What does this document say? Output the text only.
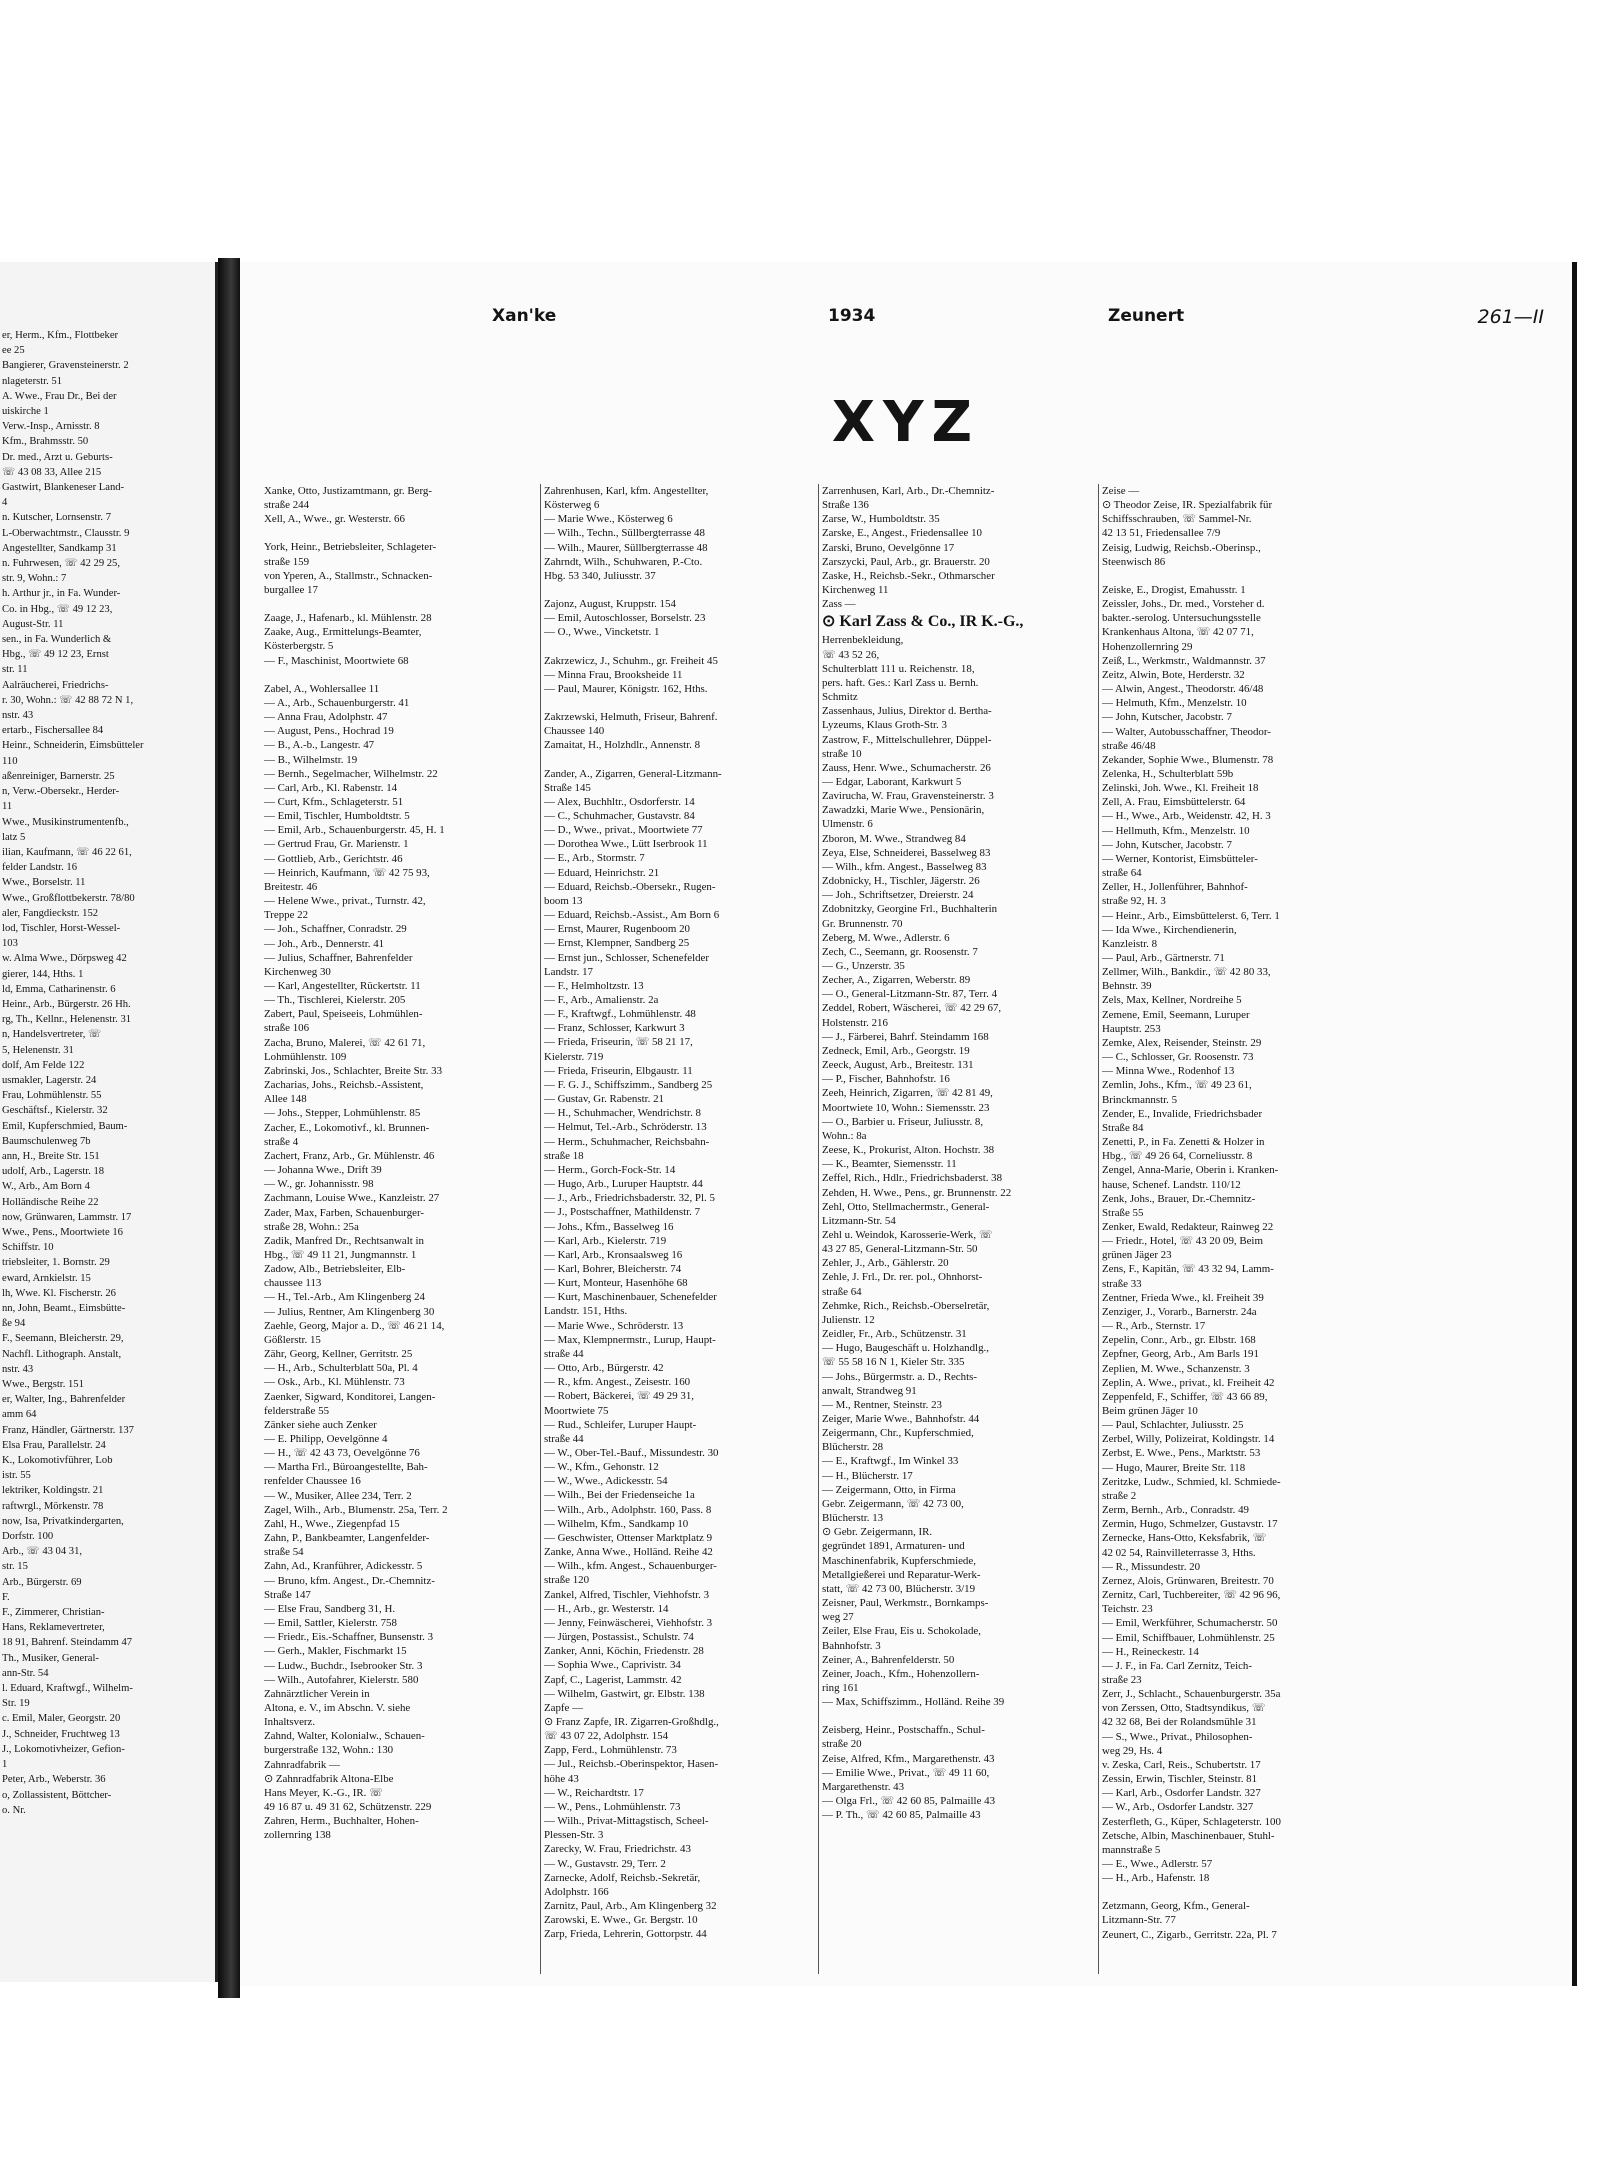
er, Herm., Kfm., Flottbeker
ee 25
Bangierer, Gravensteinerstr. 2
nlageterstr. 51
A. Wwe., Frau Dr., Bei der
uiskirche 1
Verw.-Insp., Arnisstr. 8
Kfm., Brahmsstr. 50
Dr. med., Arzt u. Geburts-
☏ 43 08 33, Allee 215
Gastwirt, Blankeneser Land-
4
n. Kutscher, Lornsenstr. 7
L-Oberwachtmstr., Clausstr. 9
Angestellter, Sandkamp 31
n. Fuhrwesen, ☏ 42 29 25,
str. 9, Wohn.: 7
h. Arthur jr., in Fa. Wunder-
Co. in Hbg., ☏ 49 12 23,
August-Str. 11
sen., in Fa. Wunderlich &
Hbg., ☏ 49 12 23, Ernst
str. 11
Aalräucherei, Friedrichs-
r. 30, Wohn.: ☏ 42 88 72 N 1,
nstr. 43
ertarb., Fischersallee 84
Heinr., Schneiderin, Eimsbütteler
110
aßenreiniger, Barnerstr. 25
n, Verw.-Obersekr., Herder-
11
Wwe., Musikinstrumentenfb.,
latz 5
ilian, Kaufmann, ☏ 46 22 61,
felder Landstr. 16
Wwe., Borselstr. 11
Wwe., Großflottbekerstr. 78/80
aler, Fangdieckstr. 152
lod, Tischler, Horst-Wessel-
103
w. Alma Wwe., Dörpsweg 42
gierer, 144, Hths. 1
ld, Emma, Catharinenstr. 6
Heinr., Arb., Bürgerstr. 26 Hh.
rg, Th., Kellnr., Helenenstr. 31
n, Handelsvertreter, ☏
5, Helenenstr. 31
dolf, Am Felde 122
usmakler, Lagerstr. 24
Frau, Lohmühlenstr. 55
Geschäftsf., Kielerstr. 32
Emil, Kupferschmied, Baum-
Baumschulenweg 7b
ann, H., Breite Str. 151
udolf, Arb., Lagerstr. 18
W., Arb., Am Born 4
Holländische Reihe 22
now, Grünwaren, Lammstr. 17
Wwe., Pens., Moortwiete 16
Schiffstr. 10
triebsleiter, 1. Bornstr. 29
eward, Arnkielstr. 15
lh, Wwe. Kl. Fischerstr. 26
nn, John, Beamt., Eimsbütte-
ße 94
F., Seemann, Bleicherstr. 29,
Nachfl. Lithograph. Anstalt,
nstr. 43
Wwe., Bergstr. 151
er, Walter, Ing., Bahrenfelder
amm 64
Franz, Händler, Gärtnerstr. 137
Elsa Frau, Parallelstr. 24
K., Lokomotivführer, Lob
istr. 55
lektriker, Koldingstr. 21
raftwrgl., Mörkenstr. 78
now, Isa, Privatkindergarten,
Dorfstr. 100
Arb., ☏ 43 04 31,
str. 15
Arb., Bürgerstr. 69
F.
F., Zimmerer, Christian-
Hans, Reklamevertreter,
18 91, Bahrenf. Steindamm 47
Th., Musiker, General-
ann-Str. 54
l. Eduard, Kraftwgf., Wilhelm-
Str. 19
c. Emil, Maler, Georgstr. 20
J., Schneider, Fruchtweg 13
J., Lokomotivheizer, Gefion-
1
Peter, Arb., Weberstr. 36
o, Zollassistent, Böttcher-
o. Nr.
Xan'ke	1934	Zeunert	261—II
XYZ
Xanke, Otto, Justizamtmann, gr. Berg-
straße 244
Xell, A., Wwe., gr. Westerstr. 66
York, Heinr., Betriebsleiter, Schlageter-
straße 159
von Yperen, A., Stallmstr., Schnacken-
burgallee 17
Zaage, J., Hafenarb., kl. Mühlenstr. 28
Zaake, Aug., Ermittelungs-Beamter,
Kösterbergstr. 5
— F., Maschinist, Moortwiete 68
Zabel, A., Wohlersallee 11
— A., Arb., Schauenburgerstr. 41
— Anna Frau, Adolphstr. 47
— August, Pens., Hochrad 19
— B., A.-b., Langestr. 47
— B., Wilhelmstr. 19
— Bernh., Segelmacher, Wilhelmstr. 22
— Carl, Arb., Kl. Rabenstr. 14
— Curt, Kfm., Schlageterstr. 51
— Emil, Tischler, Humboldtstr. 5
— Emil, Arb., Schauenburgerstr. 45, H. 1
— Gertrud Frau, Gr. Marienstr. 1
— Gottlieb, Arb., Gerichtstr. 46
— Heinrich, Kaufmann, ☏ 42 75 93,
Breitestr. 46
— Helene Wwe., privat., Turnstr. 42,
Treppe 22
— Joh., Schaffner, Conradstr. 29
— Joh., Arb., Dennerstr. 41
— Julius, Schaffner, Bahrenfelder
Kirchenweg 30
— Karl, Angestellter, Rückertstr. 11
— Th., Tischlerei, Kielerstr. 205
Zabert, Paul, Speiseeis, Lohmühlen-
straße 106
Zacha, Bruno, Malerei, ☏ 42 61 71,
Lohmühlenstr. 109
Zabrinski, Jos., Schlachter, Breite Str. 33
Zacharias, Johs., Reichsb.-Assistent,
Allee 148
— Johs., Stepper, Lohmühlenstr. 85
Zacher, E., Lokomotivf., kl. Brunnen-
straße 4
Zachert, Franz, Arb., Gr. Mühlenstr. 46
— Johanna Wwe., Drift 39
— W., gr. Johannisstr. 98
Zachmann, Louise Wwe., Kanzleistr. 27
Zader, Max, Farben, Schauenburger-
straße 28, Wohn.: 25a
Zadik, Manfred Dr., Rechtsanwalt in
Hbg., ☏ 49 11 21, Jungmannstr. 1
Zadow, Alb., Betriebsleiter, Elb-
chaussee 113
— H., Tel.-Arb., Am Klingenberg 24
— Julius, Rentner, Am Klingenberg 30
Zaehle, Georg, Major a. D., ☏ 46 21 14,
Gößlerstr. 15
Zähr, Georg, Kellner, Gerritstr. 25
— H., Arb., Schulterblatt 50a, Pl. 4
— Osk., Arb., Kl. Mühlenstr. 73
Zaenker, Sigward, Konditorei, Langen-
felderstraße 55
Zänker siehe auch Zenker
— E. Philipp, Oevelgönne 4
— H., ☏ 42 43 73, Oevelgönne 76
— Martha Frl., Büroangestellte, Bah-
renfelder Chaussee 16
— W., Musiker, Allee 234, Terr. 2
Zagel, Wilh., Arb., Blumenstr. 25a, Terr. 2
Zahl, H., Wwe., Ziegenpfad 15
Zahn, P., Bankbeamter, Langenfelder-
straße 54
Zahn, Ad., Kranführer, Adickesstr. 5
— Bruno, kfm. Angest., Dr.-Chemnitz-
Straße 147
— Else Frau, Sandberg 31, H.
— Emil, Sattler, Kielerstr. 758
— Friedr., Eis.-Schaffner, Bunsenstr. 3
— Gerh., Makler, Fischmarkt 15
— Ludw., Buchdr., Isebrooker Str. 3
— Wilh., Autofahrer, Kielerstr. 580
Zahnärztlicher Verein in
Altona, e. V., im Abschn. V. siehe
Inhaltsverz.
Zahnd, Walter, Kolonialw., Schauen-
burgerstraße 132, Wohn.: 130
Zahnradfabrik —
⊙ Zahnradfabrik Altona-Elbe
Hans Meyer, K.-G., IR. ☏
49 16 87 u. 49 31 62, Schützenstr. 229
Zahren, Herm., Buchhalter, Hohen-
zollernring 138
Zahrenhusen, Karl, kfm. Angestellter,
Kösterweg 6
— Marie Wwe., Kösterweg 6
— Wilh., Techn., Süllbergterrasse 48
— Wilh., Maurer, Süllbergterrasse 48
Zahrndt, Wilh., Schuhwaren, P.-Cto.
Hbg. 53 340, Juliusstr. 37
Zajonz, August, Kruppstr. 154
— Emil, Autoschlosser, Borselstr. 23
— O., Wwe., Vincketstr. 1
Zakrzewicz, J., Schuhm., gr. Freiheit 45
— Minna Frau, Brooksheide 11
— Paul, Maurer, Königstr. 162, Hths.
Zakrzewski, Helmuth, Friseur, Bahrenf.
Chaussee 140
Zamaitat, H., Holzhdlr., Annenstr. 8
Zander, A., Zigarren, General-Litzmann-
Straße 145
— Alex, Buchhltr., Osdorferstr. 14
— C., Schuhmacher, Gustavstr. 84
— D., Wwe., privat., Moortwiete 77
— Dorothea Wwe., Lütt Iserbrook 11
— E., Arb., Stormstr. 7
— Eduard, Heinrichstr. 21
— Eduard, Reichsb.-Obersekr., Rugen-
boom 13
— Eduard, Reichsb.-Assist., Am Born 6
— Ernst, Maurer, Rugenboom 20
— Ernst, Klempner, Sandberg 25
— Ernst jun., Schlosser, Schenefelder
Landstr. 17
— F., Helmholtzstr. 13
— F., Arb., Amalienstr. 2a
— F., Kraftwgf., Lohmühlenstr. 48
— Franz, Schlosser, Karkwurt 3
— Frieda, Friseurin, ☏ 58 21 17,
Kielerstr. 719
— Frieda, Friseurin, Elbgaustr. 11
— F. G. J., Schiffszimm., Sandberg 25
— Gustav, Gr. Rabenstr. 21
— H., Schuhmacher, Wendrichstr. 8
— Helmut, Tel.-Arb., Schröderstr. 13
— Herm., Schuhmacher, Reichsbahn-
straße 18
— Herm., Gorch-Fock-Str. 14
— Hugo, Arb., Luruper Hauptstr. 44
— J., Arb., Friedrichsbaderstr. 32, Pl. 5
— J., Postschaffner, Mathildenstr. 7
— Johs., Kfm., Basselweg 16
— Karl, Arb., Kielerstr. 719
— Karl, Arb., Kronsaalsweg 16
— Karl, Bohrer, Bleicherstr. 74
— Kurt, Monteur, Hasenhöhe 68
— Kurt, Maschinenbauer, Schenefelder
Landstr. 151, Hths.
— Marie Wwe., Schröderstr. 13
— Max, Klempnermstr., Lurup, Haupt-
straße 44
— Otto, Arb., Bürgerstr. 42
— R., kfm. Angest., Zeisestr. 160
— Robert, Bäckerei, ☏ 49 29 31,
Moortwiete 75
— Rud., Schleifer, Luruper Haupt-
straße 44
— W., Ober-Tel.-Bauf., Missundestr. 30
— W., Kfm., Gehonstr. 12
— W., Wwe., Adickesstr. 54
— Wilh., Bei der Friedenseiche 1a
— Wilh., Arb., Adolphstr. 160, Pass. 8
— Wilhelm, Kfm., Sandkamp 10
— Geschwister, Ottenser Marktplatz 9
Zanke, Anna Wwe., Holländ. Reihe 42
— Wilh., kfm. Angest., Schauenburger-
straße 120
Zankel, Alfred, Tischler, Viehhofstr. 3
— H., Arb., gr. Westerstr. 14
— Jenny, Feinwäscherei, Viehhofstr. 3
— Jürgen, Postassist., Schulstr. 74
Zanker, Anni, Köchin, Friedenstr. 28
— Sophia Wwe., Caprivistr. 34
Zapf, C., Lagerist, Lammstr. 42
— Wilhelm, Gastwirt, gr. Elbstr. 138
Zapfe —
⊙ Franz Zapfe, IR. Zigarren-Großhdlg.,
☏ 43 07 22, Adolphstr. 154
Zapp, Ferd., Lohmühlenstr. 73
— Jul., Reichsb.-Oberinspektor, Hasen-
höhe 43
— W., Reichardtstr. 17
— W., Pens., Lohmühlenstr. 73
— Wilh., Privat-Mittagstisch, Scheel-
Plessen-Str. 3
Zarecky, W. Frau, Friedrichstr. 43
— W., Gustavstr. 29, Terr. 2
Zarnecke, Adolf, Reichsb.-Sekretär,
Adolphstr. 166
Zarnitz, Paul, Arb., Am Klingenberg 32
Zarowski, E. Wwe., Gr. Bergstr. 10
Zarp, Frieda, Lehrerin, Gottorpstr. 44
Zarrenhusen, Karl, Arb., Dr.-Chemnitz-
Straße 136
Zarse, W., Humboldtstr. 35
Zarske, E., Angest., Friedensallee 10
Zarski, Bruno, Oevelgönne 17
Zarszycki, Paul, Arb., gr. Brauerstr. 20
Zaske, H., Reichsb.-Sekr., Othmarscher
Kirchenweg 11
Zass —
⊙ Karl Zass & Co., IR K.-G.,
Herrenbekleidung,
☏ 43 52 26,
Schulterblatt 111 u. Reichenstr. 18,
pers. haft. Ges.: Karl Zass u. Bernh.
Schmitz
Zassenhaus, Julius, Direktor d. Bertha-
Lyzeums, Klaus Groth-Str. 3
Zastrow, F., Mittelschullehrer, Düppel-
straße 10
Zauss, Henr. Wwe., Schumacherstr. 26
— Edgar, Laborant, Karkwurt 5
Zavirucha, W. Frau, Gravensteinerstr. 3
Zawadzki, Marie Wwe., Pensionärin,
Ulmenstr. 6
Zboron, M. Wwe., Strandweg 84
Zeya, Else, Schneiderei, Basselweg 83
— Wilh., kfm. Angest., Basselweg 83
Zdobnicky, H., Tischler, Jägerstr. 26
— Joh., Schriftsetzer, Dreierstr. 24
Zdobnitzky, Georgine Frl., Buchhalterin
Gr. Brunnenstr. 70
Zeberg, M. Wwe., Adlerstr. 6
Zech, C., Seemann, gr. Roosenstr. 7
— G., Unzerstr. 35
Zecher, A., Zigarren, Weberstr. 89
— O., General-Litzmann-Str. 87, Terr. 4
Zeddel, Robert, Wäscherei, ☏ 42 29 67,
Holstenstr. 216
— J., Färberei, Bahrf. Steindamm 168
Zedneck, Emil, Arb., Georgstr. 19
Zeeck, August, Arb., Breitestr. 131
— P., Fischer, Bahnhofstr. 16
Zeeh, Heinrich, Zigarren, ☏ 42 81 49,
Moortwiete 10, Wohn.: Siemensstr. 23
— O., Barbier u. Friseur, Juliusstr. 8,
Wohn.: 8a
Zeese, K., Prokurist, Alton. Hochstr. 38
— K., Beamter, Siemensstr. 11
Zeffel, Rich., Hdlr., Friedrichsbaderst. 38
Zehden, H. Wwe., Pens., gr. Brunnenstr. 22
Zehl, Otto, Stellmachermstr., General-
Litzmann-Str. 54
Zehl u. Weindok, Karosserie-Werk, ☏
43 27 85, General-Litzmann-Str. 50
Zehler, J., Arb., Gählerstr. 20
Zehle, J. Frl., Dr. rer. pol., Ohnhorst-
straße 64
Zehmke, Rich., Reichsb.-Oberselretär,
Julienstr. 12
Zeidler, Fr., Arb., Schützenstr. 31
— Hugo, Baugeschäft u. Holzhandlg.,
☏ 55 58 16 N 1, Kieler Str. 335
— Johs., Bürgermstr. a. D., Rechts-
anwalt, Strandweg 91
— M., Rentner, Steinstr. 23
Zeiger, Marie Wwe., Bahnhofstr. 44
Zeigermann, Chr., Kupferschmied,
Blücherstr. 28
— E., Kraftwgf., Im Winkel 33
— H., Blücherstr. 17
— Zeigermann, Otto, in Firma
Gebr. Zeigermann, ☏ 42 73 00,
Blücherstr. 13
⊙ Gebr. Zeigermann, IR.
gegründet 1891, Armaturen- und
Maschinenfabrik, Kupferschmiede,
Metallgießerei und Reparatur-Werk-
statt, ☏ 42 73 00, Blücherstr. 3/19
Zeisner, Paul, Werkmstr., Bornkamps-
weg 27
Zeiler, Else Frau, Eis u. Schokolade,
Bahnhofstr. 3
Zeiner, A., Bahrenfelderstr. 50
Zeiner, Joach., Kfm., Hohenzollern-
ring 161
— Max, Schiffszimm., Holländ. Reihe 39
Zeisberg, Heinr., Postschaffn., Schul-
straße 20
Zeise, Alfred, Kfm., Margarethenstr. 43
— Emilie Wwe., Privat., ☏ 49 11 60,
Margarethenstr. 43
— Olga Frl., ☏ 42 60 85, Palmaille 43
— P. Th., ☏ 42 60 85, Palmaille 43
Zeise —
⊙ Theodor Zeise, IR. Spezialfabrik für
Schiffsschrauben, ☏ Sammel-Nr.
42 13 51, Friedensallee 7/9
Zeisig, Ludwig, Reichsb.-Oberinsp.,
Steenwisch 86
Zeiske, E., Drogist, Emahusstr. 1
Zeissler, Johs., Dr. med., Vorsteher d.
bakter.-serolog. Untersuchungsstelle
Krankenhaus Altona, ☏ 42 07 71,
Hohenzollernring 29
Zeiß, L., Werkmstr., Waldmannstr. 37
Zeitz, Alwin, Bote, Herderstr. 32
— Alwin, Angest., Theodorstr. 46/48
— Helmuth, Kfm., Menzelstr. 10
— John, Kutscher, Jacobstr. 7
— Walter, Autobusschaffner, Theodor-
straße 46/48
Zekander, Sophie Wwe., Blumenstr. 78
Zelenka, H., Schulterblatt 59b
Zelinski, Joh. Wwe., Kl. Freiheit 18
Zell, A. Frau, Eimsbüttelerstr. 64
— H., Wwe., Arb., Weidenstr. 42, H. 3
— Hellmuth, Kfm., Menzelstr. 10
— John, Kutscher, Jacobstr. 7
— Werner, Kontorist, Eimsbütteler-
straße 64
Zeller, H., Jollenführer, Bahnhof-
straße 92, H. 3
— Heinr., Arb., Eimsbüttelerst. 6, Terr. 1
— Ida Wwe., Kirchendienerin,
Kanzleistr. 8
— Paul, Arb., Gärtnerstr. 71
Zellmer, Wilh., Bankdir., ☏ 42 80 33,
Behnstr. 39
Zels, Max, Kellner, Nordreihe 5
Zemene, Emil, Seemann, Luruper
Hauptstr. 253
Zemke, Alex, Reisender, Steinstr. 29
— C., Schlosser, Gr. Roosenstr. 73
— Minna Wwe., Rodenhof 13
Zemlin, Johs., Kfm., ☏ 49 23 61,
Brinckmannstr. 5
Zender, E., Invalide, Friedrichsbader
Straße 84
Zenetti, P., in Fa. Zenetti & Holzer in
Hbg., ☏ 49 26 64, Corneliusstr. 8
Zengel, Anna-Marie, Oberin i. Kranken-
hause, Schenef. Landstr. 110/12
Zenk, Johs., Brauer, Dr.-Chemnitz-
Straße 55
Zenker, Ewald, Redakteur, Rainweg 22
— Friedr., Hotel, ☏ 43 20 09, Beim
grünen Jäger 23
Zens, F., Kapitän, ☏ 43 32 94, Lamm-
straße 33
Zentner, Frieda Wwe., kl. Freiheit 39
Zenziger, J., Vorarb., Barnerstr. 24a
— R., Arb., Sternstr. 17
Zepelin, Conr., Arb., gr. Elbstr. 168
Zepfner, Georg, Arb., Am Barls 191
Zeplien, M. Wwe., Schanzenstr. 3
Zeplin, A. Wwe., privat., kl. Freiheit 42
Zeppenfeld, F., Schiffer, ☏ 43 66 89,
Beim grünen Jäger 10
— Paul, Schlachter, Juliusstr. 25
Zerbel, Willy, Polizeirat, Koldingstr. 14
Zerbst, E. Wwe., Pens., Marktstr. 53
— Hugo, Maurer, Breite Str. 118
Zeritzke, Ludw., Schmied, kl. Schmiede-
straße 2
Zerm, Bernh., Arb., Conradstr. 49
Zermin, Hugo, Schmelzer, Gustavstr. 17
Zernecke, Hans-Otto, Keksfabrik, ☏
42 02 54, Rainvilleterrasse 3, Hths.
— R., Missundestr. 20
Zernez, Alois, Grünwaren, Breitestr. 70
Zernitz, Carl, Tuchbereiter, ☏ 42 96 96,
Teichstr. 23
— Emil, Werkführer, Schumacherstr. 50
— Emil, Schiffbauer, Lohmühlenstr. 25
— H., Reineckestr. 14
— J. F., in Fa. Carl Zernitz, Teich-
straße 23
Zerr, J., Schlacht., Schauenburgerstr. 35a
von Zerssen, Otto, Stadtsyndikus, ☏
42 32 68, Bei der Rolandsmühle 31
— S., Wwe., Privat., Philosophen-
weg 29, Hs. 4
v. Zeska, Carl, Reis., Schubertstr. 17
Zessin, Erwin, Tischler, Steinstr. 81
— Karl, Arb., Osdorfer Landstr. 327
— W., Arb., Osdorfer Landstr. 327
Zesterfleth, G., Küper, Schlageterstr. 100
Zetsche, Albin, Maschinenbauer, Stuhl-
mannstraße 5
— E., Wwe., Adlerstr. 57
— H., Arb., Hafenstr. 18
Zetzmann, Georg, Kfm., General-
Litzmann-Str. 77
Zeunert, C., Zigarb., Gerritstr. 22a, Pl. 7
